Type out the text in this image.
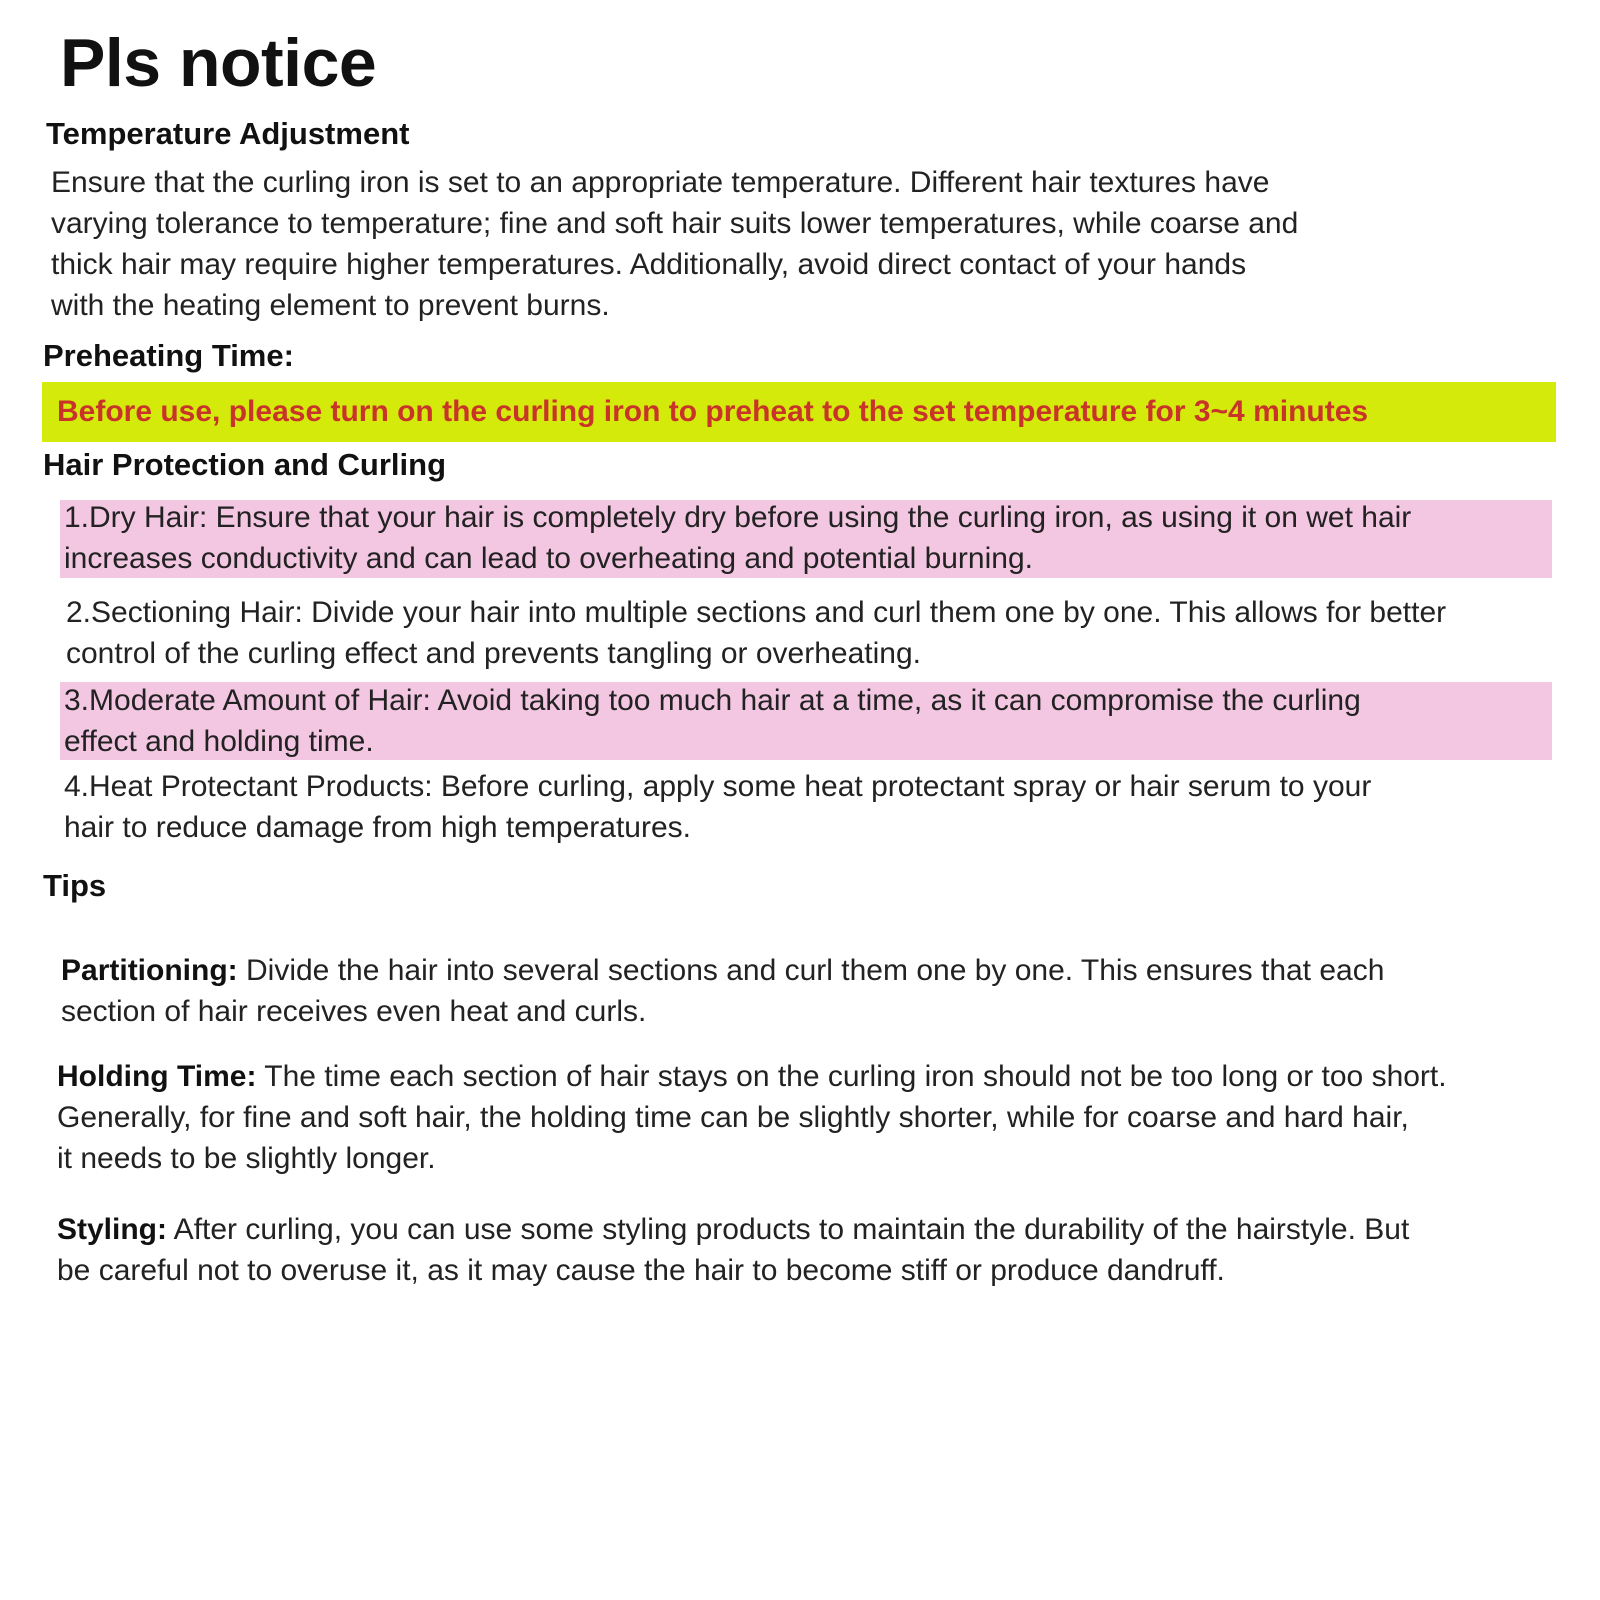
Pls notice
Temperature Adjustment
Ensure that the curling iron is set to an appropriate temperature. Different hair textures have
varying tolerance to temperature; fine and soft hair suits lower temperatures, while coarse and
thick hair may require higher temperatures. Additionally, avoid direct contact of your hands
with the heating element to prevent burns.
Preheating Time:
Before use, please turn on the curling iron to preheat to the set temperature for 3~4 minutes
Hair Protection and Curling
1.Dry Hair: Ensure that your hair is completely dry before using the curling iron, as using it on wet hair
increases conductivity and can lead to overheating and potential burning.
2.Sectioning Hair: Divide your hair into multiple sections and curl them one by one. This allows for better
control of the curling effect and prevents tangling or overheating.
3.Moderate Amount of Hair: Avoid taking too much hair at a time, as it can compromise the curling
effect and holding time.
4.Heat Protectant Products: Before curling, apply some heat protectant spray or hair serum to your
hair to reduce damage from high temperatures.
Tips
Partitioning: Divide the hair into several sections and curl them one by one. This ensures that each
section of hair receives even heat and curls.
Holding Time: The time each section of hair stays on the curling iron should not be too long or too short.
Generally, for fine and soft hair, the holding time can be slightly shorter, while for coarse and hard hair,
it needs to be slightly longer.
Styling: After curling, you can use some styling products to maintain the durability of the hairstyle. But
be careful not to overuse it, as it may cause the hair to become stiff or produce dandruff.
